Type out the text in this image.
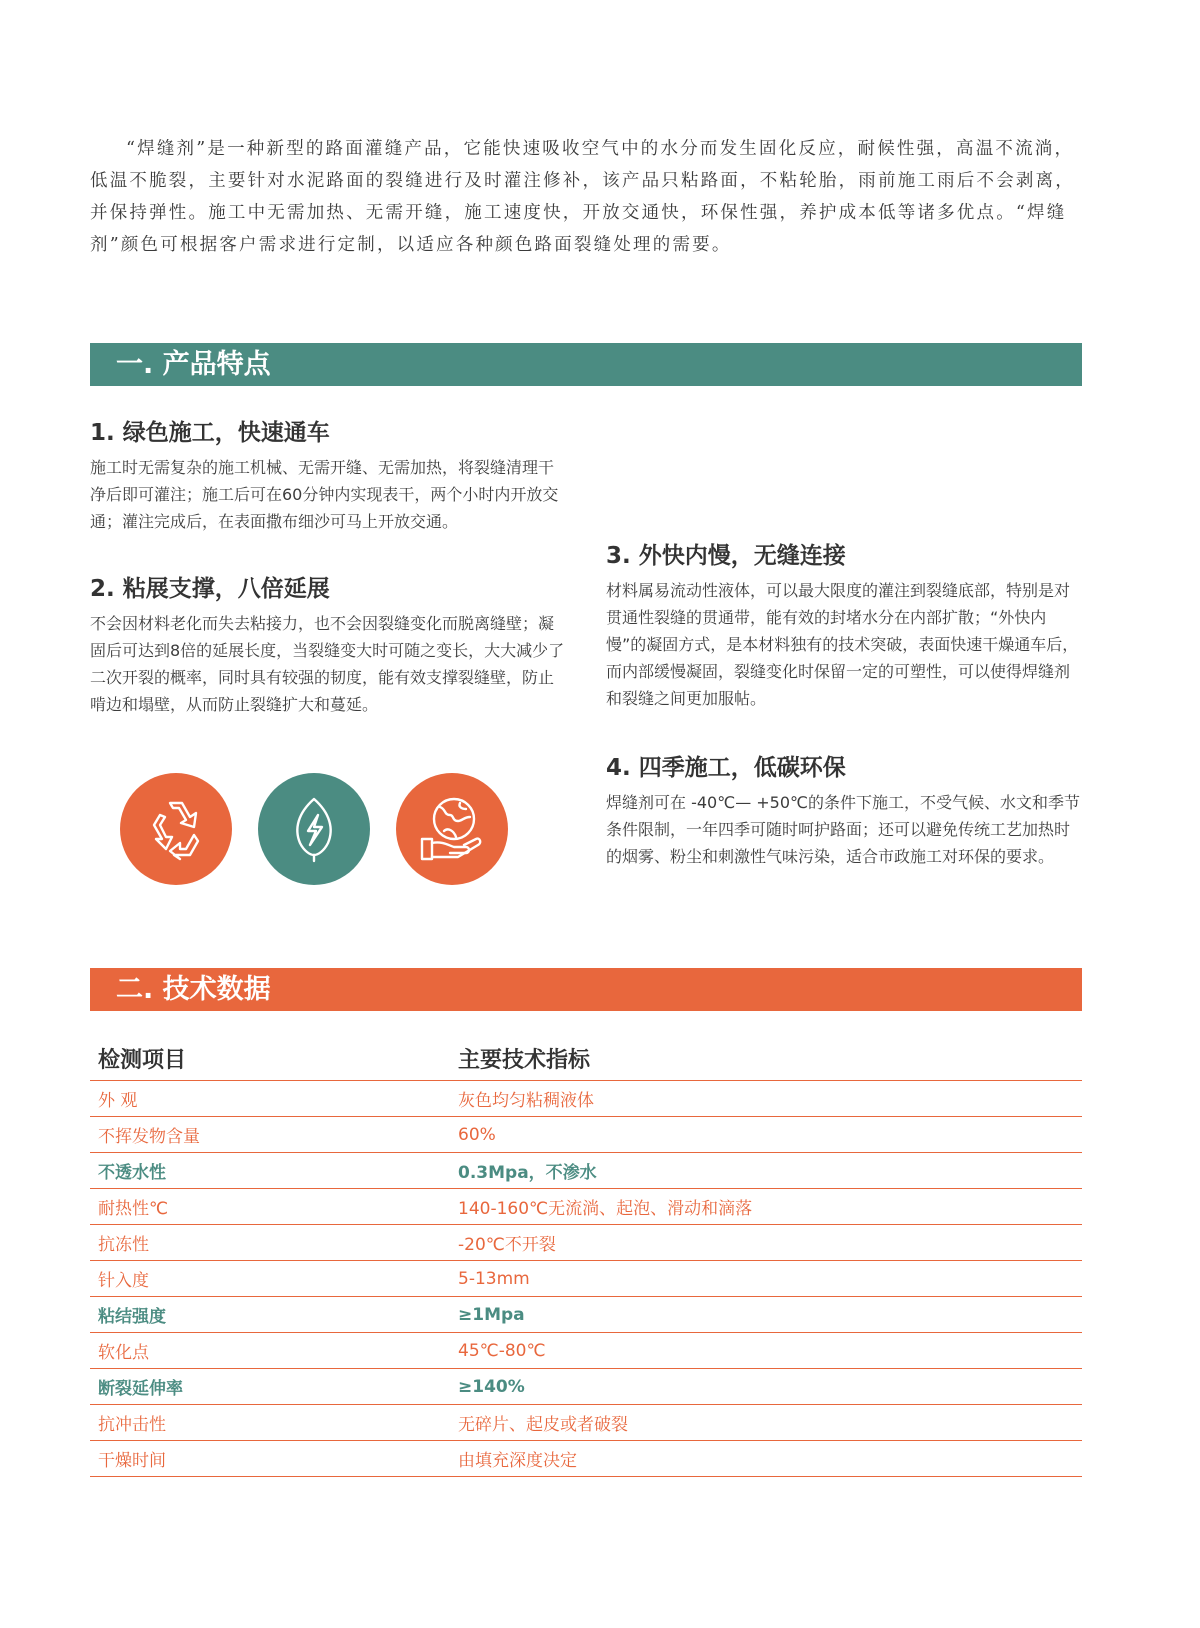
“焊缝剂”是一种新型的路面灌缝产品，它能快速吸收空气中的水分而发生固化反应，耐候性强，高温不流淌，低温不脆裂，主要针对水泥路面的裂缝进行及时灌注修补，该产品只粘路面，不粘轮胎，雨前施工雨后不会剥离，并保持弹性。施工中无需加热、无需开缝，施工速度快，开放交通快，环保性强，养护成本低等诸多优点。“焊缝剂”颜色可根据客户需求进行定制，以适应各种颜色路面裂缝处理的需要。

一. 产品特点
1. 绿色施工，快速通车

施工时无需复杂的施工机械、无需开缝、无需加热，将裂缝清理干净后即可灌注；施工后可在60分钟内实现表干，两个小时内开放交通；灌注完成后，在表面撒布细沙可马上开放交通。

2. 粘展支撑，八倍延展

不会因材料老化而失去粘接力，也不会因裂缝变化而脱离缝壁；凝固后可达到8倍的延展长度，当裂缝变大时可随之变长，大大减少了二次开裂的概率，同时具有较强的韧度，能有效支撑裂缝壁，防止啃边和塌壁，从而防止裂缝扩大和蔓延。

3. 外快内慢，无缝连接

材料属易流动性液体，可以最大限度的灌注到裂缝底部，特别是对贯通性裂缝的贯通带，能有效的封堵水分在内部扩散；“外快内慢”的凝固方式，是本材料独有的技术突破，表面快速干燥通车后，而内部缓慢凝固，裂缝变化时保留一定的可塑性，可以使得焊缝剂和裂缝之间更加服帖。

4. 四季施工，低碳环保

焊缝剂可在 -40℃— +50℃的条件下施工，不受气候、水文和季节条件限制，一年四季可随时呵护路面；还可以避免传统工艺加热时的烟雾、粉尘和刺激性气味污染，适合市政施工对环保的要求。

二. 技术数据
检测项目	主要技术指标
外 观	灰色均匀粘稠液体
不挥发物含量	60%
不透水性	0.3Mpa，不渗水
耐热性℃	140-160℃无流淌、起泡、滑动和滴落
抗冻性	-20℃不开裂
针入度	5-13mm
粘结强度	≥1Mpa
软化点	45℃-80℃
断裂延伸率	≥140%
抗冲击性	无碎片、起皮或者破裂
干燥时间	由填充深度决定
